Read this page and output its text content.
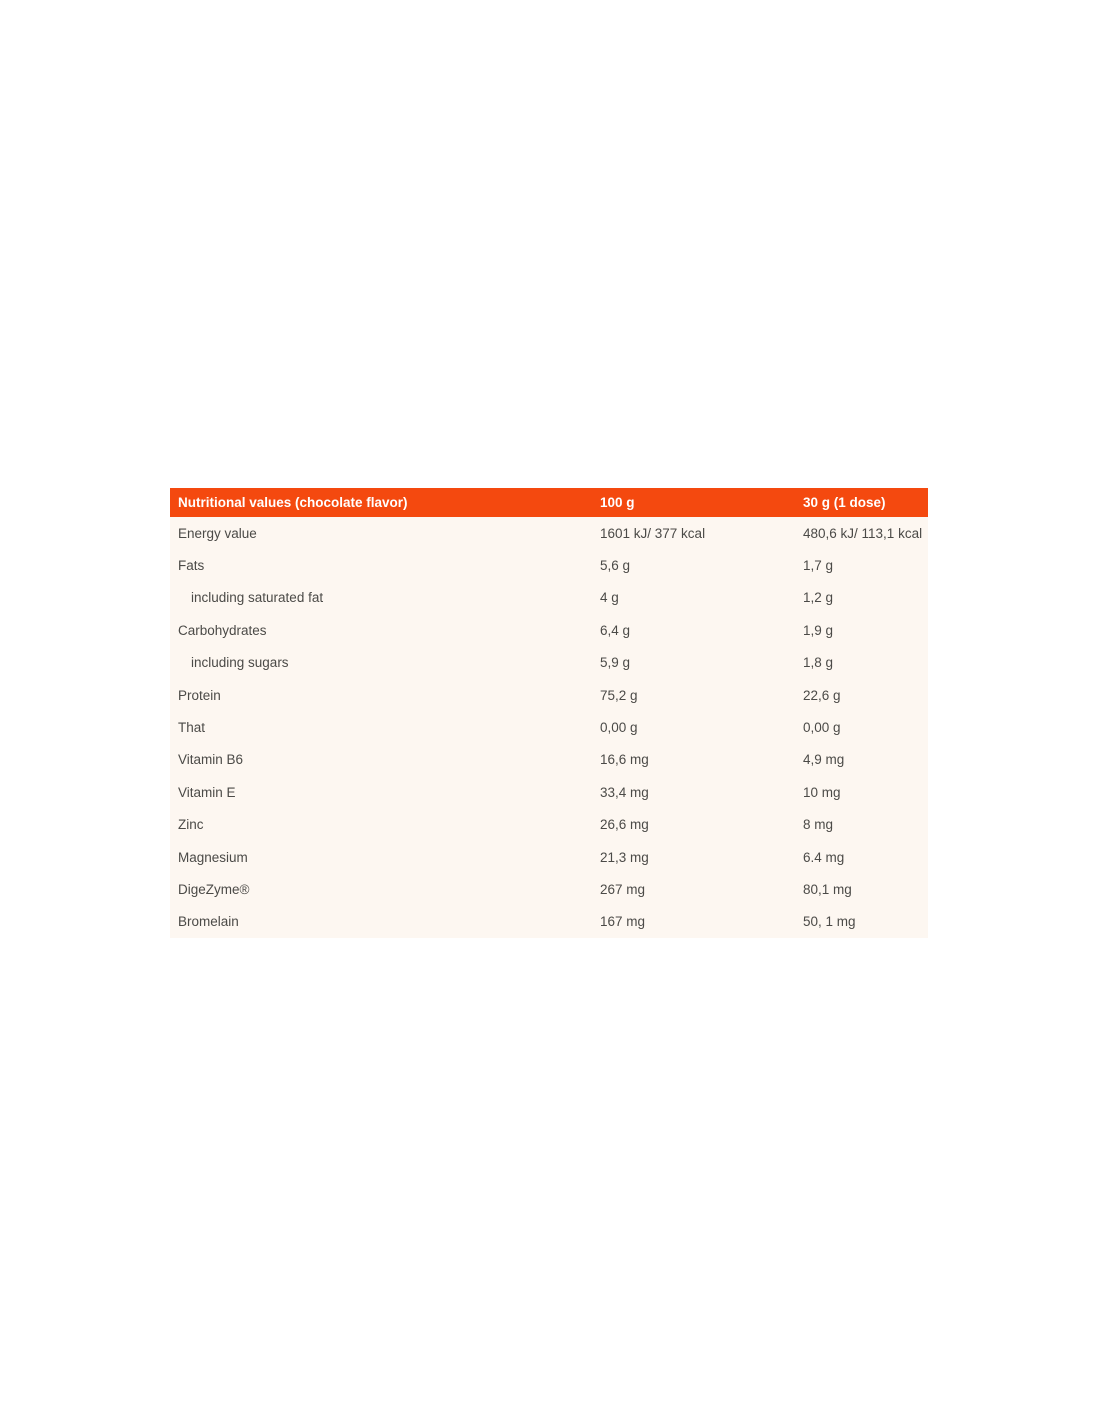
Nutritional values (chocolate flavor)	100 g	30 g (1 dose)
Energy value	1601 kJ/ 377 kcal	480,6 kJ/ 113,1 kcal
Fats	5,6 g	1,7 g
including saturated fat	4 g	1,2 g
Carbohydrates	6,4 g	1,9 g
including sugars	5,9 g	1,8 g
Protein	75,2 g	22,6 g
That	0,00 g	0,00 g
Vitamin B6	16,6 mg	4,9 mg
Vitamin E	33,4 mg	10 mg
Zinc	26,6 mg	8 mg
Magnesium	21,3 mg	6.4 mg
DigeZyme®	267 mg	80,1 mg
Bromelain	167 mg	50, 1 mg
